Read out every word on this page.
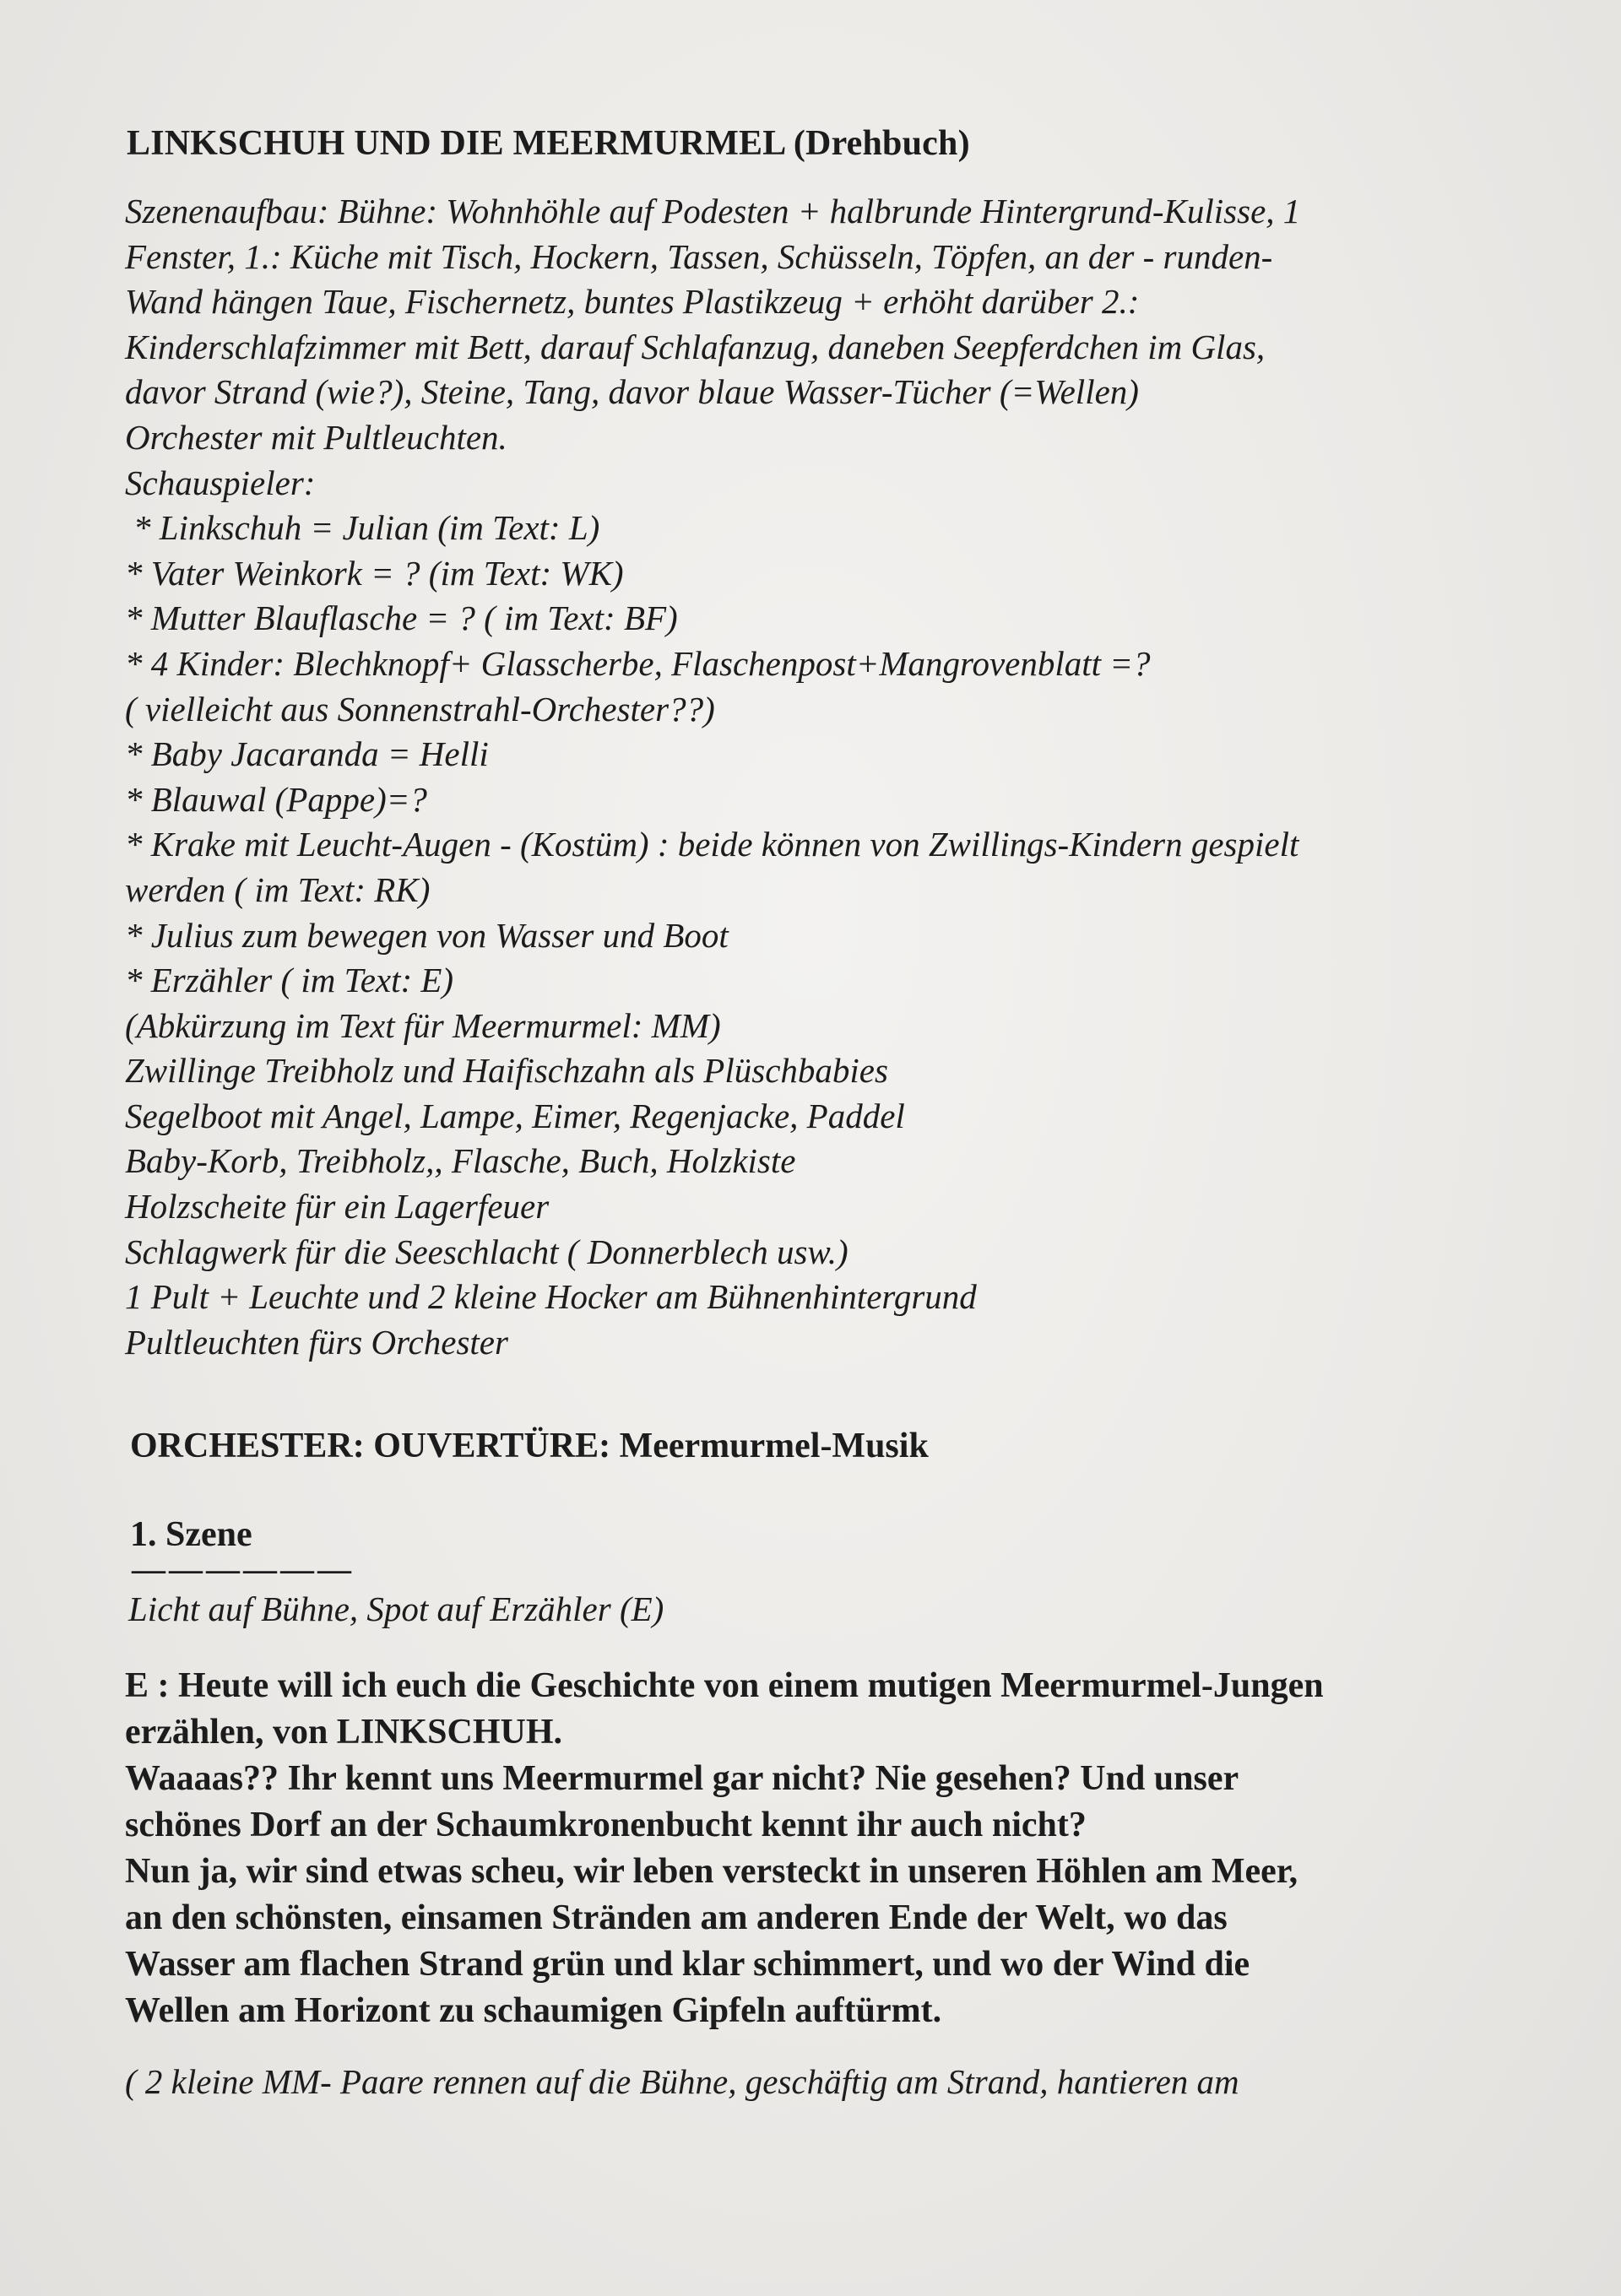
LINKSCHUH UND DIE MEERMURMEL (Drehbuch)
Szenenaufbau: Bühne: Wohnhöhle auf Podesten + halbrunde Hintergrund-Kulisse, 1
Fenster, 1.: Küche mit Tisch, Hockern, Tassen, Schüsseln, Töpfen, an der - runden-
Wand hängen Taue, Fischernetz, buntes Plastikzeug + erhöht darüber 2.:
Kinderschlafzimmer mit Bett, darauf Schlafanzug, daneben Seepferdchen im Glas,
davor Strand (wie?), Steine, Tang, davor blaue Wasser-Tücher (=Wellen)
Orchester mit Pultleuchten.
Schauspieler:
* Linkschuh = Julian (im Text: L)
* Vater Weinkork = ? (im Text: WK)
* Mutter Blauflasche = ? ( im Text: BF)
* 4 Kinder: Blechknopf+ Glasscherbe, Flaschenpost+Mangrovenblatt =?
( vielleicht aus Sonnenstrahl-Orchester??)
* Baby Jacaranda = Helli
* Blauwal (Pappe)=?
* Krake mit Leucht-Augen - (Kostüm) : beide können von Zwillings-Kindern gespielt
werden ( im Text: RK)
* Julius zum bewegen von Wasser und Boot
* Erzähler ( im Text: E)
(Abkürzung im Text für Meermurmel: MM)
Zwillinge Treibholz und Haifischzahn als Plüschbabies
Segelboot mit Angel, Lampe, Eimer, Regenjacke, Paddel
Baby-Korb, Treibholz,, Flasche, Buch, Holzkiste
Holzscheite für ein Lagerfeuer
Schlagwerk für die Seeschlacht ( Donnerblech usw.)
1 Pult + Leuchte und 2 kleine Hocker am Bühnenhintergrund
Pultleuchten fürs Orchester
ORCHESTER: OUVERTÜRE: Meermurmel-Musik
1. Szene
——————
Licht auf Bühne, Spot auf Erzähler (E)
E : Heute will ich euch die Geschichte von einem mutigen Meermurmel-Jungen
erzählen, von LINKSCHUH.
Waaaas?? Ihr kennt uns Meermurmel gar nicht? Nie gesehen? Und unser
schönes Dorf an der Schaumkronenbucht kennt ihr auch nicht?
Nun ja, wir sind etwas scheu, wir leben versteckt in unseren Höhlen am Meer,
an den schönsten, einsamen Stränden am anderen Ende der Welt, wo das
Wasser am flachen Strand grün und klar schimmert, und wo der Wind die
Wellen am Horizont zu schaumigen Gipfeln auftürmt.
( 2 kleine MM- Paare rennen auf die Bühne, geschäftig am Strand, hantieren am
